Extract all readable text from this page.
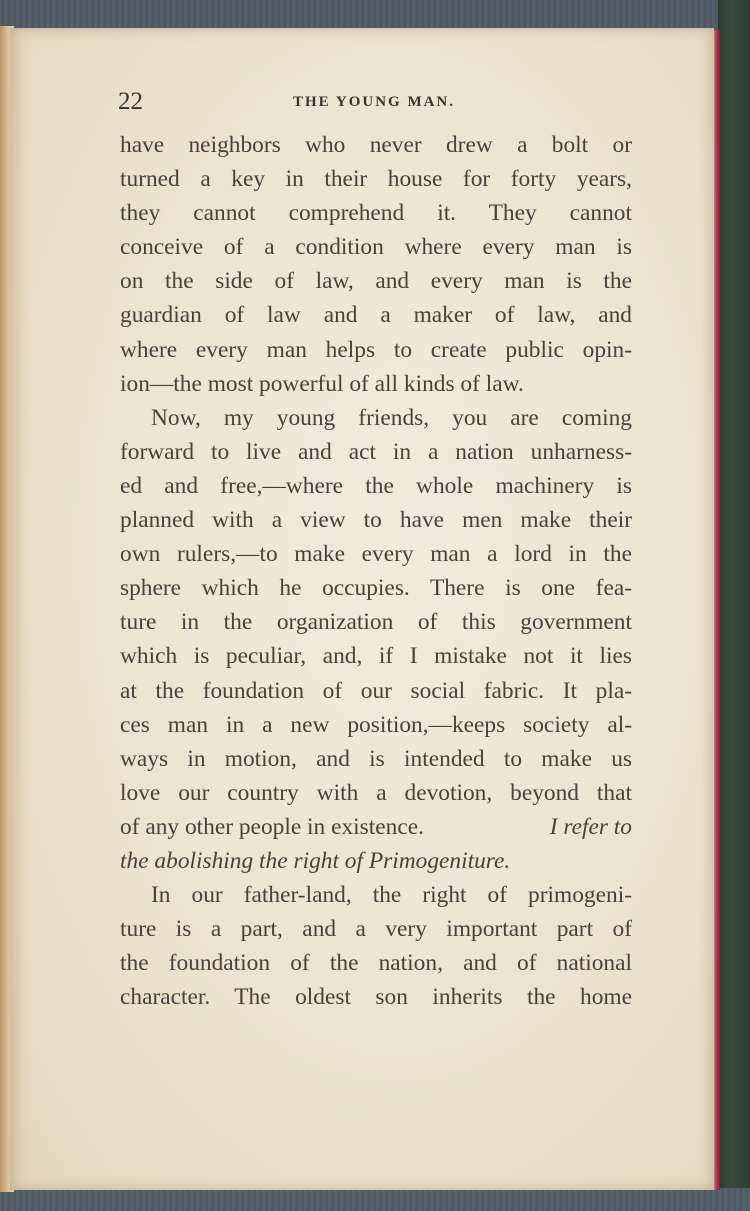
22	THE YOUNG MAN.
have neighbors who never drew a bolt or
turned a key in their house for forty years,
they cannot comprehend it. They cannot
conceive of a condition where every man is
on the side of law, and every man is the
guardian of law and a maker of law, and
where every man helps to create public opin-
ion—the most powerful of all kinds of law.
Now, my young friends, you are coming
forward to live and act in a nation unharness-
ed and free,—where the whole machinery is
planned with a view to have men make their
own rulers,—to make every man a lord in the
sphere which he occupies. There is one fea-
ture in the organization of this government
which is peculiar, and, if I mistake not it lies
at the foundation of our social fabric. It pla-
ces man in a new position,—keeps society al-
ways in motion, and is intended to make us
love our country with a devotion, beyond that
of any other people in existence.	I refer to
the abolishing the right of Primogeniture.
In our father-land, the right of primogeni-
ture is a part, and a very important part of
the foundation of the nation, and of national
character. The oldest son inherits the home
